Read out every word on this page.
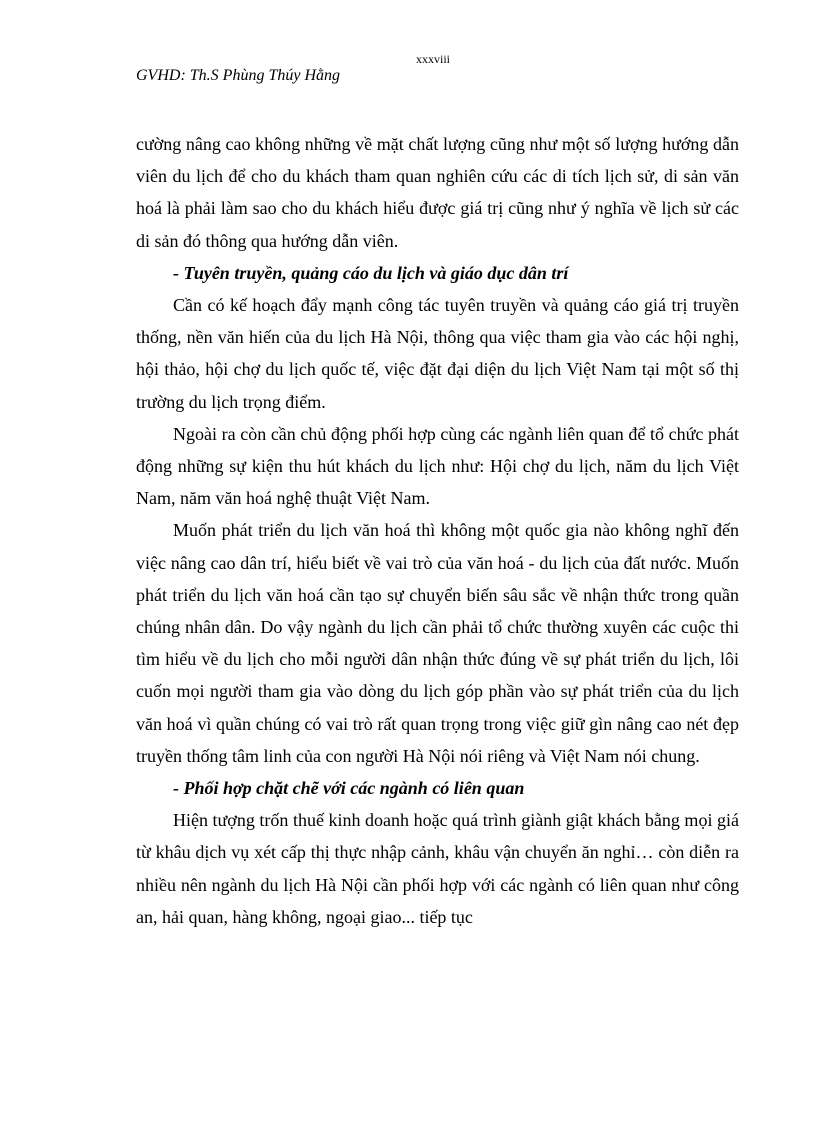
xxxviii
GVHD: Th.S Phùng Thúy Hằng

cường nâng cao không những về mặt chất lượng cũng như một số lượng hướng dẫn viên du lịch để cho du khách tham quan nghiên cứu các di tích lịch sử, di sản văn hoá là phải làm sao cho du khách hiểu được giá trị cũng như ý nghĩa về lịch sử các di sản đó thông qua hướng dẫn viên.

- Tuyên truyền, quảng cáo du lịch và giáo dục dân trí

Cần có kế hoạch đẩy mạnh công tác tuyên truyền và quảng cáo giá trị truyền thống, nền văn hiến của du lịch Hà Nội, thông qua việc tham gia vào các hội nghị, hội thảo, hội chợ du lịch quốc tế, việc đặt đại diện du lịch Việt Nam tại một số thị trường du lịch trọng điểm.

Ngoài ra còn cần chủ động phối hợp cùng các ngành liên quan để tổ chức phát động những sự kiện thu hút khách du lịch như: Hội chợ du lịch, năm du lịch Việt Nam, năm văn hoá nghệ thuật Việt Nam.

Muốn phát triển du lịch văn hoá thì không một quốc gia nào không nghĩ đến việc nâng cao dân trí, hiểu biết về vai trò của văn hoá - du lịch của đất nước. Muốn phát triển du lịch văn hoá cần tạo sự chuyển biến sâu sắc về nhận thức trong quần chúng nhân dân. Do vậy ngành du lịch cần phải tổ chức thường xuyên các cuộc thi tìm hiểu về du lịch cho mỗi người dân nhận thức đúng về sự phát triển du lịch, lôi cuốn mọi người tham gia vào dòng du lịch góp phần vào sự phát triển của du lịch văn hoá vì quần chúng có vai trò rất quan trọng trong việc giữ gìn nâng cao nét đẹp truyền thống tâm linh của con người Hà Nội nói riêng và Việt Nam nói chung.

- Phối hợp chặt chẽ với các ngành có liên quan

Hiện tượng trốn thuế kinh doanh hoặc quá trình giành giật khách bằng mọi giá từ khâu dịch vụ xét cấp thị thực nhập cảnh, khâu vận chuyển ăn nghỉ… còn diễn ra nhiều nên ngành du lịch Hà Nội cần phối hợp với các ngành có liên quan như công an, hải quan, hàng không, ngoại giao... tiếp tục
